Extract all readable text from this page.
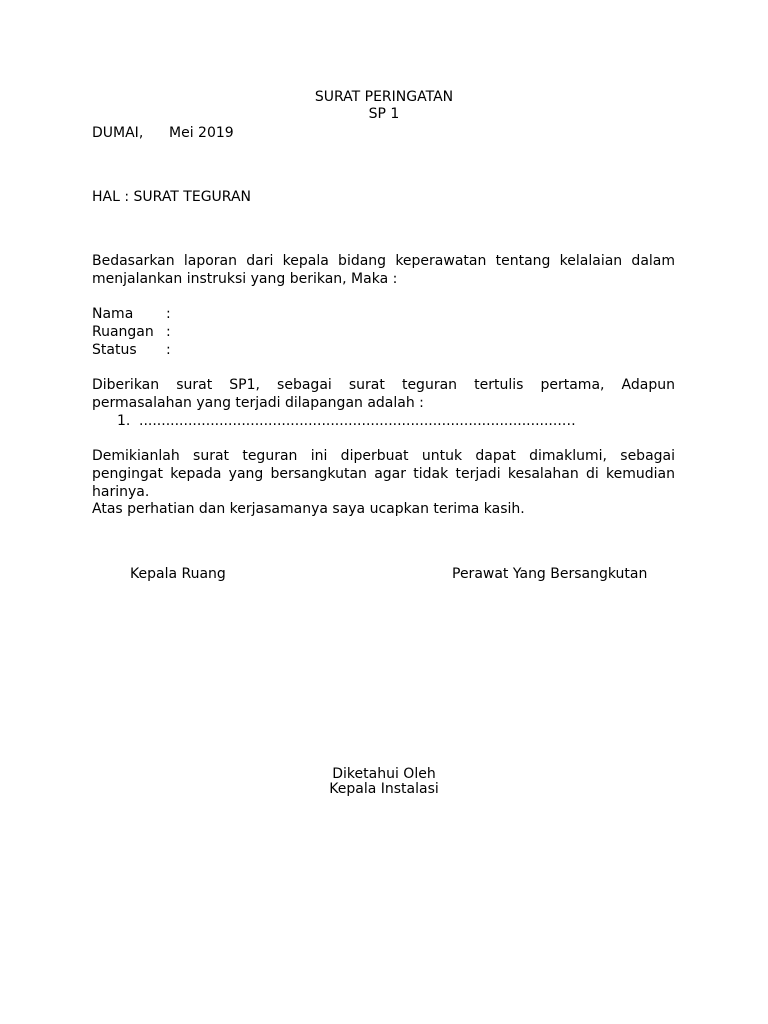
SURAT PERINGATAN
SP 1
DUMAI, Mei 2019
HAL : SURAT TEGURAN
Bedasarkan laporan dari kepala bidang keperawatan tentang kelalaian dalam menjalankan instruksi yang berikan, Maka :
Nama :
Ruangan :
Status :
Diberikan surat SP1, sebagai surat teguran tertulis pertama, Adapun permasalahan yang terjadi dilapangan adalah :
1. ...............................................................................................…
Demikianlah surat teguran ini diperbuat untuk dapat dimaklumi, sebagai pengingat kepada yang bersangkutan agar tidak terjadi kesalahan di kemudian harinya.
Atas perhatian dan kerjasamanya saya ucapkan terima kasih.
Kepala Ruang	Perawat Yang Bersangkutan
Diketahui Oleh
Kepala Instalasi
